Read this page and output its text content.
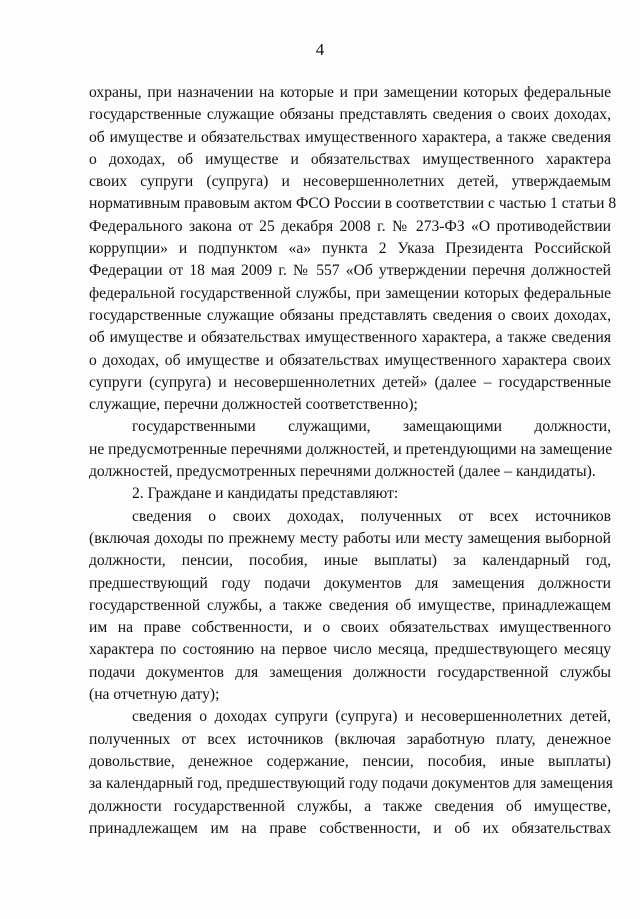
4
охраны, при назначении на которые и при замещении которых федеральные
государственные служащие обязаны представлять сведения о своих доходах,
об имуществе и обязательствах имущественного характера, а также сведения
о доходах, об имуществе и обязательствах имущественного характера
своих супруги (супруга) и несовершеннолетних детей, утверждаемым
нормативным правовым актом ФСО России в соответствии с частью 1 статьи 8
Федерального закона от 25 декабря 2008 г. № 273-ФЗ «О противодействии
коррупции» и подпунктом «а» пункта 2 Указа Президента Российской
Федерации от 18 мая 2009 г. № 557 «Об утверждении перечня должностей
федеральной государственной службы, при замещении которых федеральные
государственные служащие обязаны представлять сведения о своих доходах,
об имуществе и обязательствах имущественного характера, а также сведения
о доходах, об имуществе и обязательствах имущественного характера своих
супруги (супруга) и несовершеннолетних детей» (далее – государственные
служащие, перечни должностей соответственно);
государственными служащими, замещающими должности,
не предусмотренные перечнями должностей, и претендующими на замещение
должностей, предусмотренных перечнями должностей (далее – кандидаты).
2. Граждане и кандидаты представляют:
сведения о своих доходах, полученных от всех источников
(включая доходы по прежнему месту работы или месту замещения выборной
должности, пенсии, пособия, иные выплаты) за календарный год,
предшествующий году подачи документов для замещения должности
государственной службы, а также сведения об имуществе, принадлежащем
им на праве собственности, и о своих обязательствах имущественного
характера по состоянию на первое число месяца, предшествующего месяцу
подачи документов для замещения должности государственной службы
(на отчетную дату);
сведения о доходах супруги (супруга) и несовершеннолетних детей,
полученных от всех источников (включая заработную плату, денежное
довольствие, денежное содержание, пенсии, пособия, иные выплаты)
за календарный год, предшествующий году подачи документов для замещения
должности государственной службы, а также сведения об имуществе,
принадлежащем им на праве собственности, и об их обязательствах
